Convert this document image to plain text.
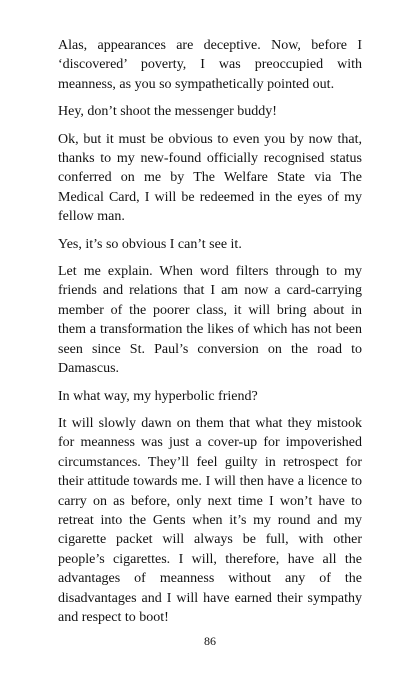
Alas, appearances are deceptive. Now, before I ‘discovered’ poverty, I was preoccupied with meanness, as you so sympathetically pointed out.

Hey, don’t shoot the messenger buddy!

Ok, but it must be obvious to even you by now that, thanks to my new-found officially recognised status conferred on me by The Welfare State via The Medical Card, I will be redeemed in the eyes of my fellow man.

Yes, it’s so obvious I can’t see it.

Let me explain. When word filters through to my friends and relations that I am now a card-carrying member of the poorer class, it will bring about in them a transformation the likes of which has not been seen since St. Paul’s conversion on the road to Damascus.

In what way, my hyperbolic friend?

It will slowly dawn on them that what they mistook for meanness was just a cover-up for impoverished circumstances. They’ll feel guilty in retrospect for their attitude towards me. I will then have a licence to carry on as before, only next time I won’t have to retreat into the Gents when it’s my round and my cigarette packet will always be full, with other people’s cigarettes. I will, therefore, have all the advantages of meanness without any of the disadvantages and I will have earned their sympathy and respect to boot!

86
